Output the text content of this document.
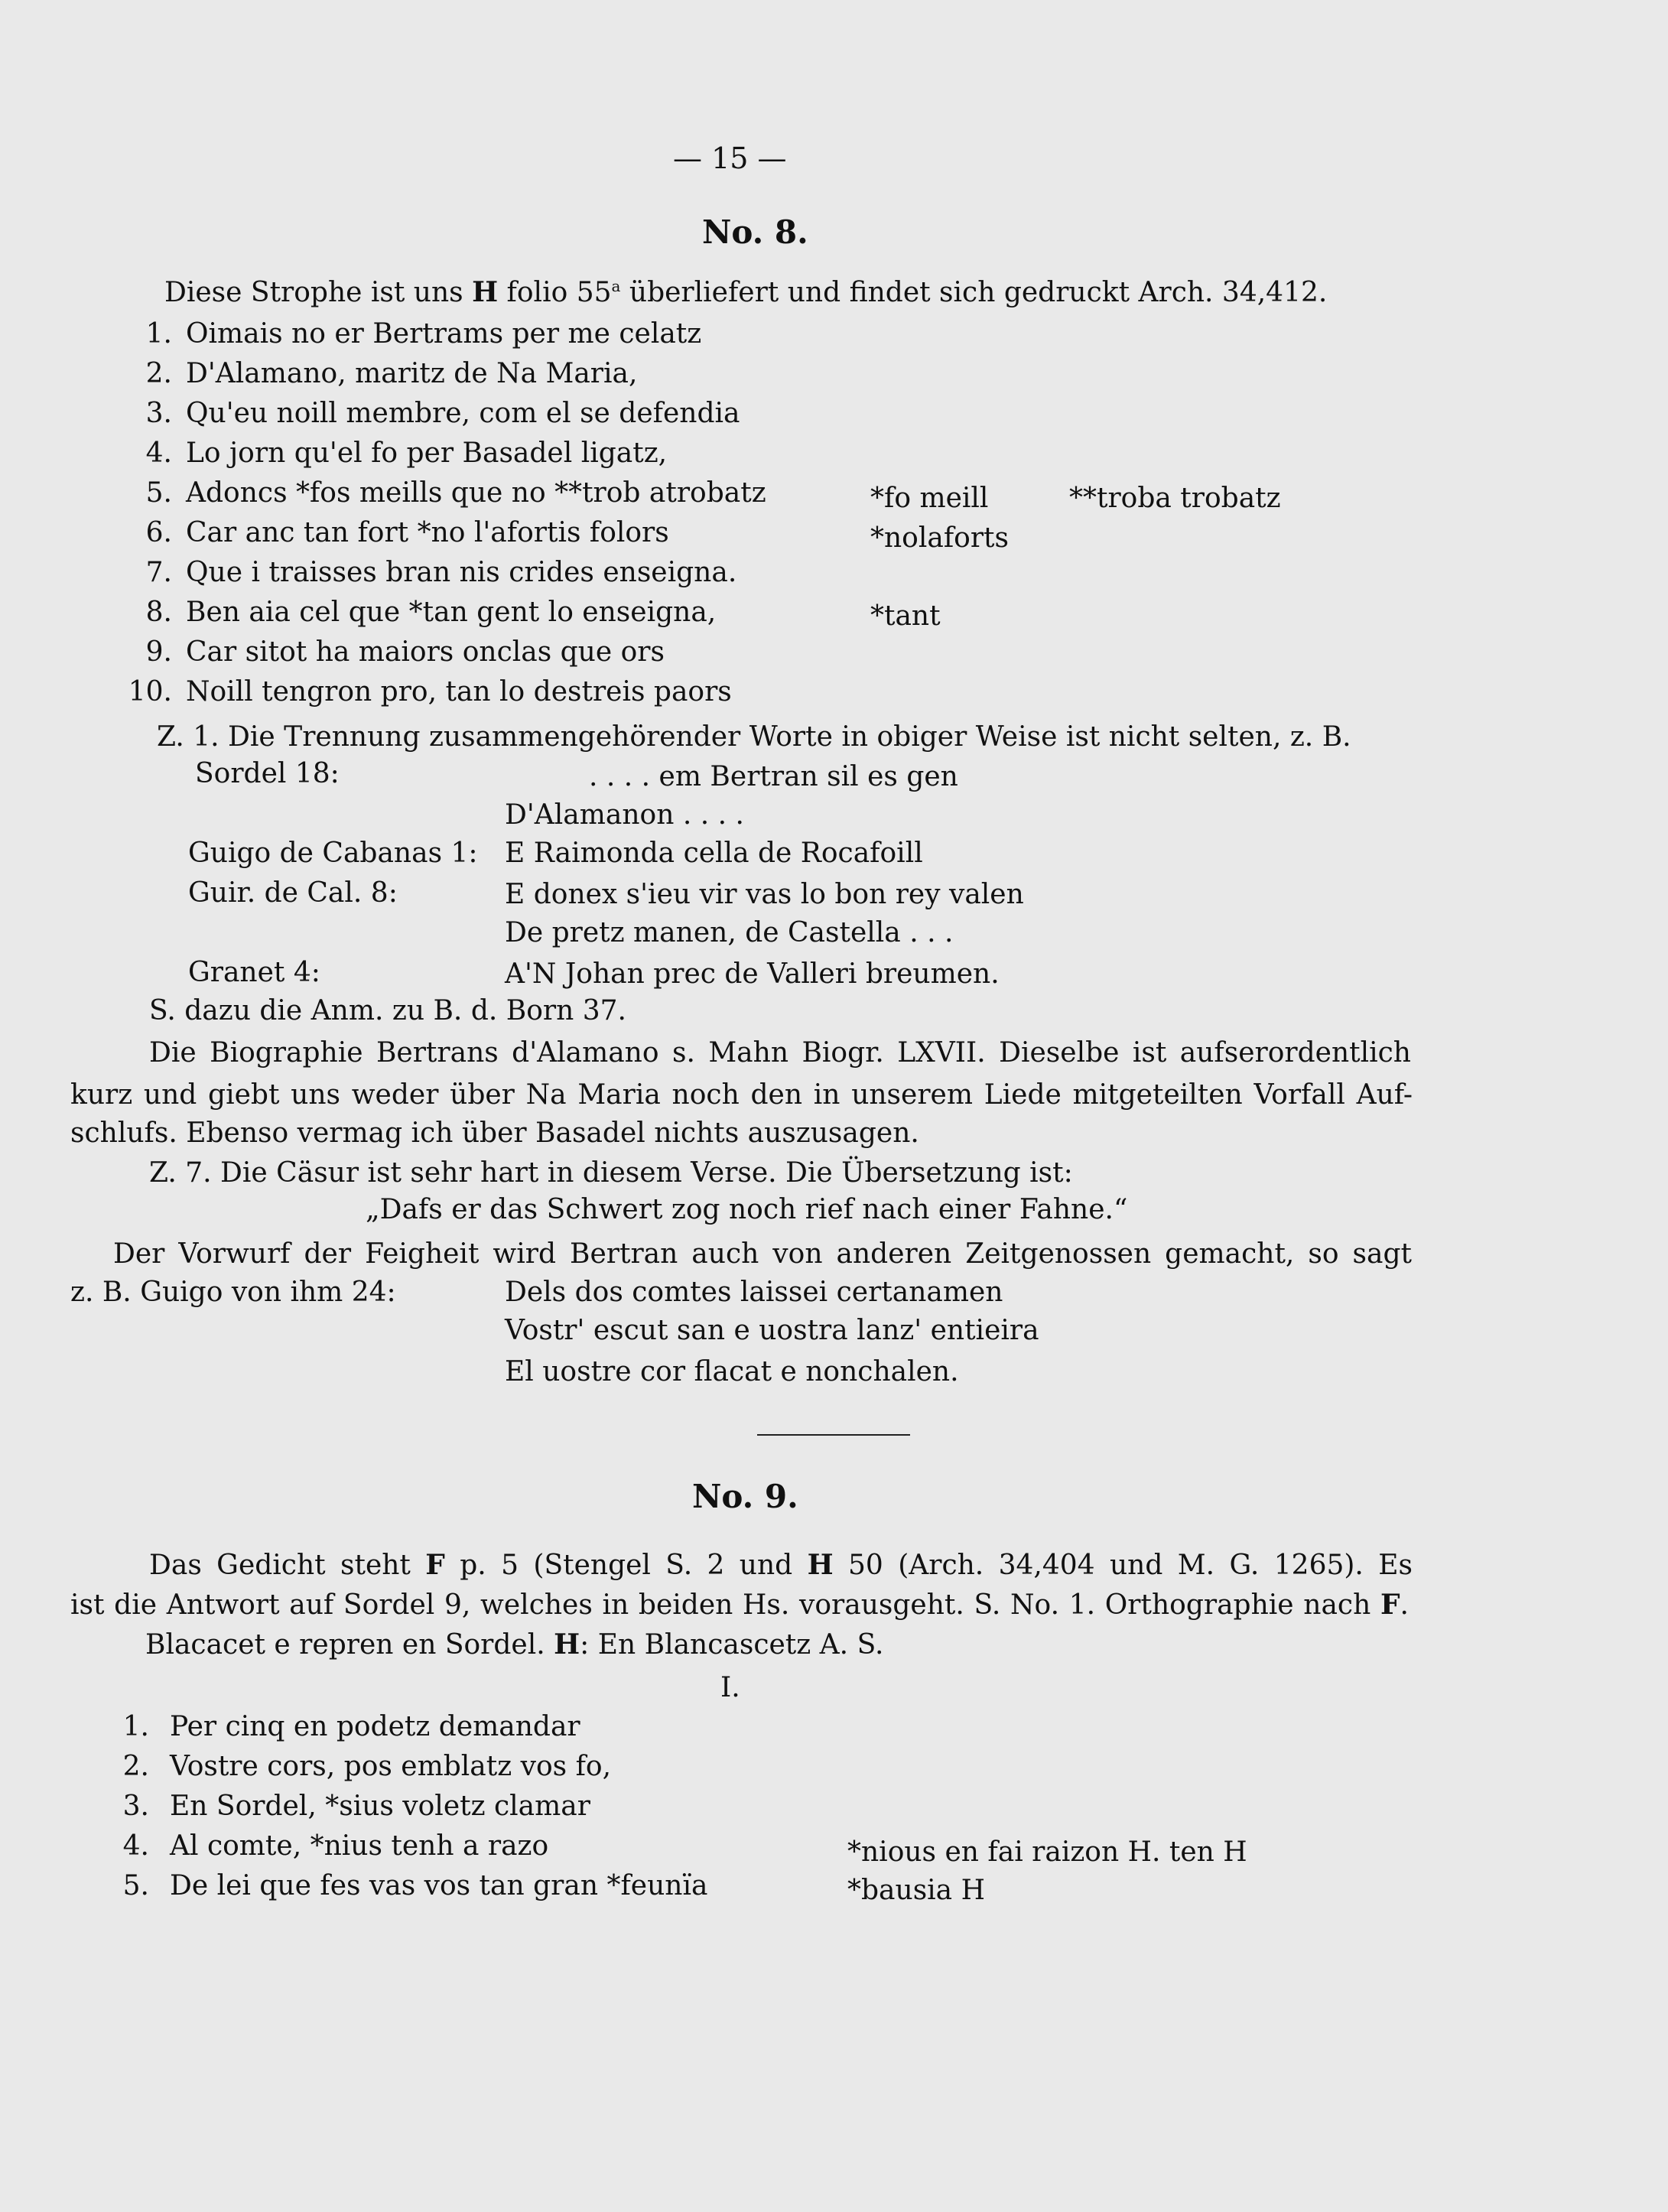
— 15 —
No. 8.
Diese Strophe ist uns H folio 55$^a$ überliefert und findet sich gedruckt Arch. 34,412.
1. Oimais no er Bertrams per me celatz
2. D'Alamano, maritz de Na Maria,
3. Qu'eu noill membre, com el se defendia
4. Lo jorn qu'el fo per Basadel ligatz,
5. Adoncs *fos meills que no **trob atrobatz	*fo meill	**troba trobatz
6. Car anc tan fort *no l'afortis folors	*nolaforts
7. Que i traisses bran nis crides enseigna.
8. Ben aia cel que *tan gent lo enseigna,	*tant
9. Car sitot ha maiors onclas que ors
10. Noill tengron pro, tan lo destreis paors
Z. 1. Die Trennung zusammengehörender Worte in obiger Weise ist nicht selten, z. B.
Sordel 18:	. . . . em Bertran sil es gen
D'Alamanon . . . .
Guigo de Cabanas 1: E Raimonda cella de Rocafoill
Guir. de Cal. 8:	E donex s'ieu vir vas lo bon rey valen
De pretz manen, de Castella . . .
Granet 4:	A'N Johan prec de Valleri breumen.
S. dazu die Anm. zu B. d. Born 37.
Die Biographie Bertrans d'Alamano s. Mahn Biogr. LXVII. Dieselbe ist aufserordentlich
kurz und giebt uns weder über Na Maria noch den in unserem Liede mitgeteilten Vorfall Auf-
schlufs. Ebenso vermag ich über Basadel nichts auszusagen.
Z. 7. Die Cäsur ist sehr hart in diesem Verse. Die Übersetzung ist:
„Dafs er das Schwert zog noch rief nach einer Fahne.“
Der Vorwurf der Feigheit wird Bertran auch von anderen Zeitgenossen gemacht, so sagt
z. B. Guigo von ihm 24:	Dels dos comtes laissei certanamen
Vostr' escut san e uostra lanz' entieira
El uostre cor flacat e nonchalen.
No. 9.
Das Gedicht steht F p. 5 (Stengel S. 2 und H 50 (Arch. 34,404 und M. G. 1265). Es
ist die Antwort auf Sordel 9, welches in beiden Hs. vorausgeht. S. No. 1. Orthographie nach F.
Blacacet e repren en Sordel. H: En Blancascetz A. S.
I.
1. Per cinq en podetz demandar
2. Vostre cors, pos emblatz vos fo,
3. En Sordel, *sius voletz clamar
4. Al comte, *nius tenh a razo	*nious en fai raizon H. ten H
5. De lei que fes vas vos tan gran *feunïa	*bausia H
